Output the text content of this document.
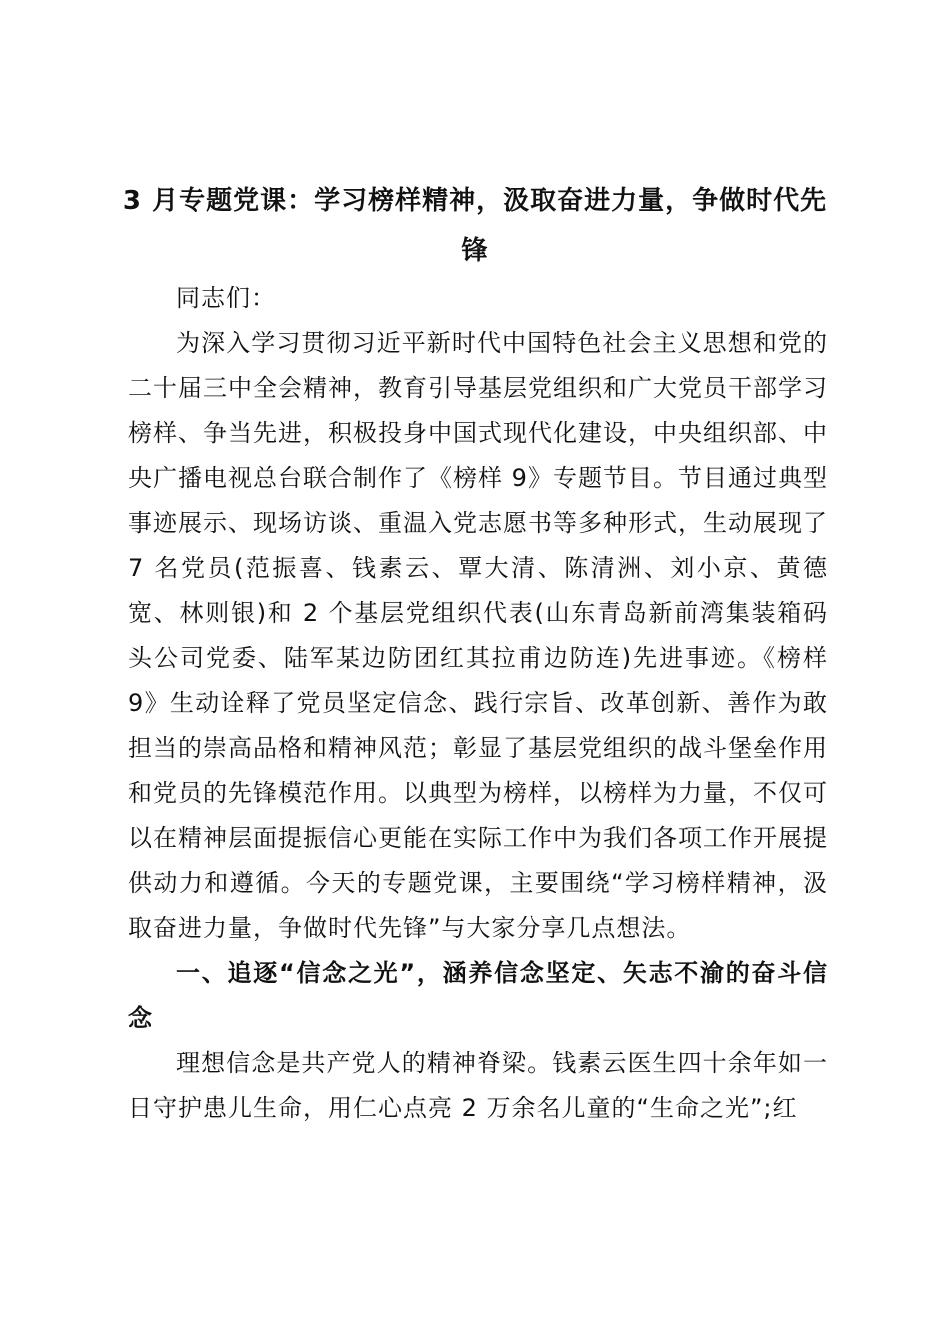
3 月专题党课：学习榜样精神，汲取奋进力量，争做时代先锋

同志们：

为深入学习贯彻习近平新时代中国特色社会主义思想和党的二十届三中全会精神，教育引导基层党组织和广大党员干部学习榜样、争当先进，积极投身中国式现代化建设，中央组织部、中央广播电视总台联合制作了《榜样 9》专题节目。节目通过典型事迹展示、现场访谈、重温入党志愿书等多种形式，生动展现了 7 名党员(范振喜、钱素云、覃大清、陈清洲、刘小京、黄德宽、林则银)和 2 个基层党组织代表(山东青岛新前湾集装箱码头公司党委、陆军某边防团红其拉甫边防连)先进事迹。《榜样 9》生动诠释了党员坚定信念、践行宗旨、改革创新、善作为敢担当的崇高品格和精神风范；彰显了基层党组织的战斗堡垒作用和党员的先锋模范作用。以典型为榜样，以榜样为力量，不仅可以在精神层面提振信心更能在实际工作中为我们各项工作开展提供动力和遵循。今天的专题党课，主要围绕“学习榜样精神，汲取奋进力量，争做时代先锋”与大家分享几点想法。

一、追逐“信念之光”，涵养信念坚定、矢志不渝的奋斗信念

理想信念是共产党人的精神脊梁。钱素云医生四十余年如一日守护患儿生命，用仁心点亮 2 万余名儿童的“生命之光”;红
